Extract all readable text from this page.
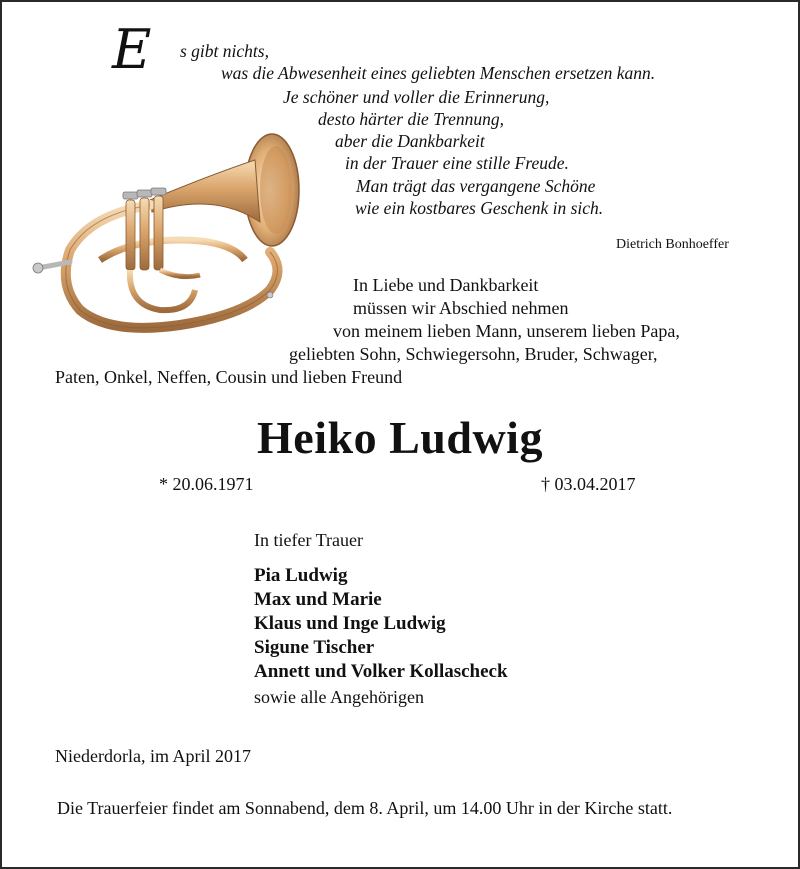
E s gibt nichts,
was die Abwesenheit eines geliebten Menschen ersetzen kann.
Je schöner und voller die Erinnerung,
desto härter die Trennung,
aber die Dankbarkeit
in der Trauer eine stille Freude.
Man trägt das vergangene Schöne
wie ein kostbares Geschenk in sich.
Dietrich Bonhoeffer
In Liebe und Dankbarkeit
müssen wir Abschied nehmen
von meinem lieben Mann, unserem lieben Papa,
geliebten Sohn, Schwiegersohn, Bruder, Schwager,
Paten, Onkel, Neffen, Cousin und lieben Freund
Heiko Ludwig
* 20.06.1971	† 03.04.2017
In tiefer Trauer
Pia Ludwig
Max und Marie
Klaus und Inge Ludwig
Sigune Tischer
Annett und Volker Kollascheck
sowie alle Angehörigen
Niederdorla, im April 2017
Die Trauerfeier findet am Sonnabend, dem 8. April, um 14.00 Uhr in der Kirche statt.
